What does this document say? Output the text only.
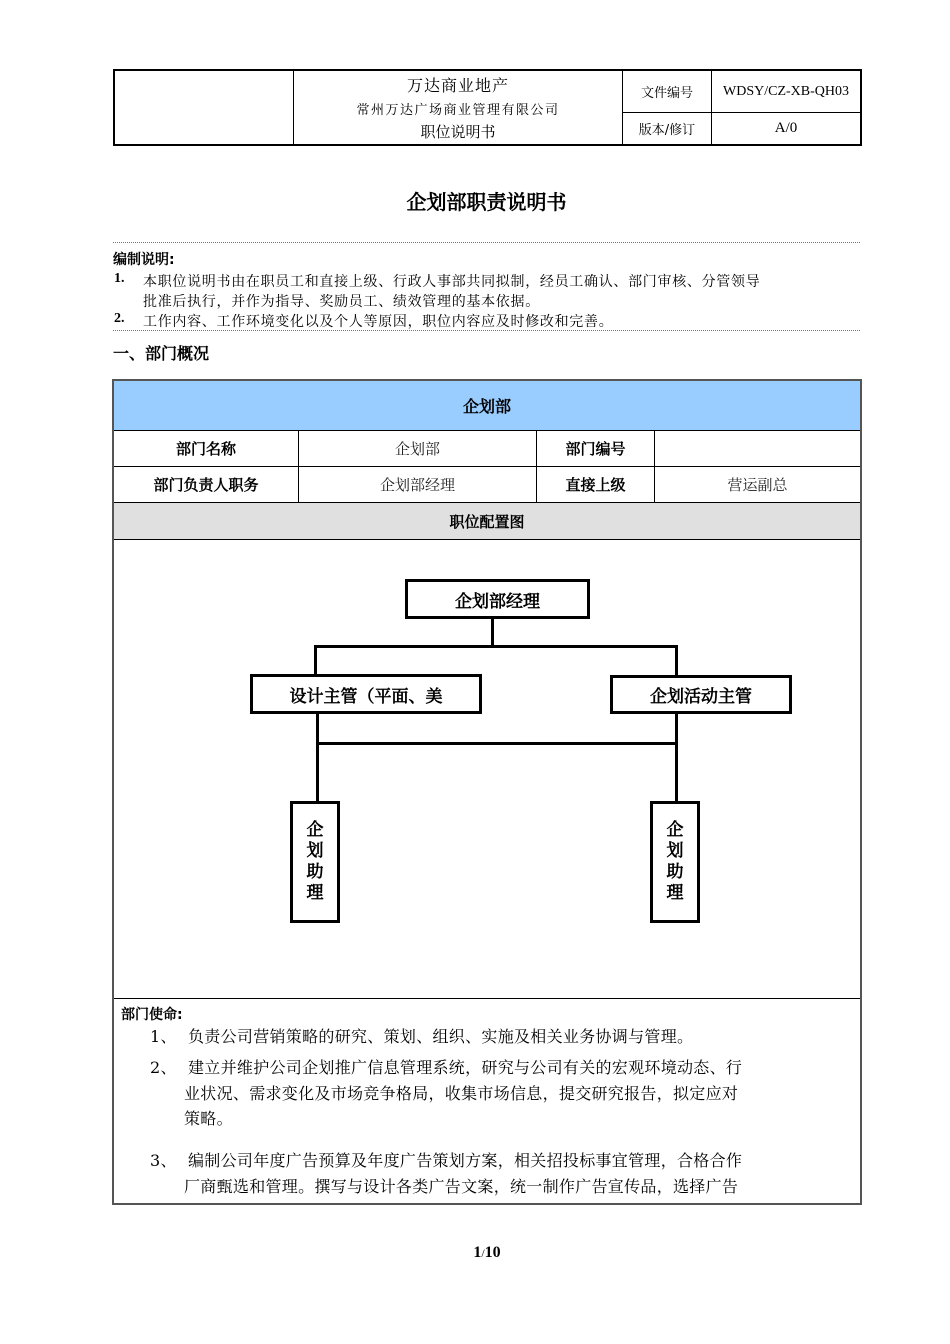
万达商业地产
常州万达广场商业管理有限公司
职位说明书
文件编号	WDSY/CZ-XB-QH03
版本/修订	A/0
企划部职责说明书
编制说明:
1. 本职位说明书由在职员工和直接上级、行政人事部共同拟制，经员工确认、部门审核、分管领导
批准后执行，并作为指导、奖励员工、绩效管理的基本依据。
2. 工作内容、工作环境变化以及个人等原因，职位内容应及时修改和完善。
一、部门概况
企划部
部门名称	企划部	部门编号
部门负责人职务	企划部经理	直接上级	营运副总
职位配置图
企划部经理
设计主管（平面、美	企划活动主管
企划助理
企划助理
部门使命:
1、 负责公司营销策略的研究、策划、组织、实施及相关业务协调与管理。
2、 建立并维护公司企划推广信息管理系统，研究与公司有关的宏观环境动态、行
业状况、需求变化及市场竞争格局，收集市场信息，提交研究报告，拟定应对
策略。
3、 编制公司年度广告预算及年度广告策划方案，相关招投标事宜管理，合格合作
厂商甄选和管理。撰写与设计各类广告文案，统一制作广告宣传品，选择广告
1/10
